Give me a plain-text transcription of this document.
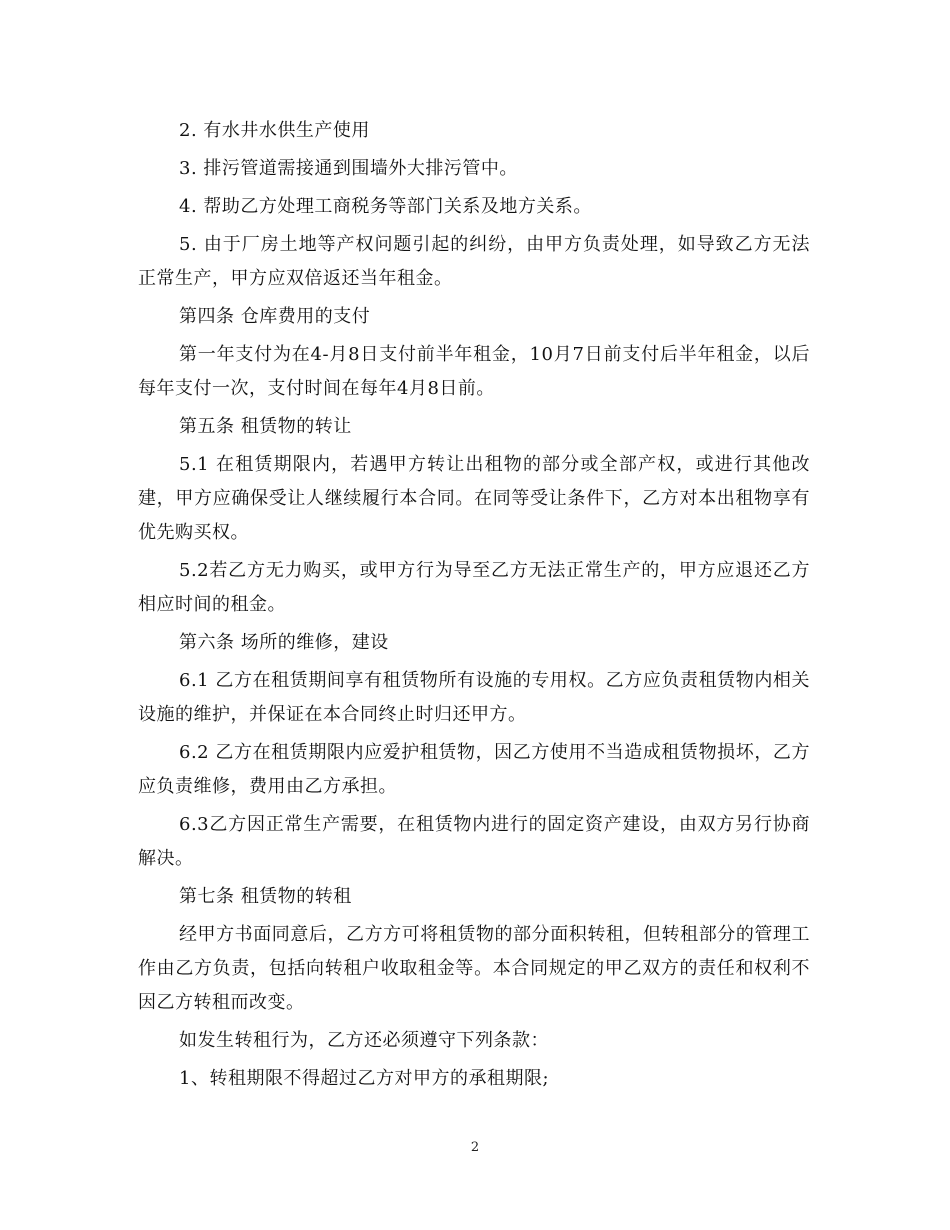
2. 有水井水供生产使用

3. 排污管道需接通到围墙外大排污管中。

4. 帮助乙方处理工商税务等部门关系及地方关系。

5. 由于厂房土地等产权问题引起的纠纷，由甲方负责处理，如导致乙方无法正常生产，甲方应双倍返还当年租金。

第四条 仓库费用的支付

第一年支付为在4-月8日支付前半年租金，10月7日前支付后半年租金，以后每年支付一次，支付时间在每年4月8日前。

第五条 租赁物的转让

5.1 在租赁期限内，若遇甲方转让出租物的部分或全部产权，或进行其他改建，甲方应确保受让人继续履行本合同。在同等受让条件下，乙方对本出租物享有优先购买权。

5.2若乙方无力购买，或甲方行为导至乙方无法正常生产的，甲方应退还乙方相应时间的租金。

第六条 场所的维修，建设

6.1 乙方在租赁期间享有租赁物所有设施的专用权。乙方应负责租赁物内相关设施的维护，并保证在本合同终止时归还甲方。

6.2 乙方在租赁期限内应爱护租赁物，因乙方使用不当造成租赁物损坏，乙方应负责维修，费用由乙方承担。

6.3乙方因正常生产需要，在租赁物内进行的固定资产建设，由双方另行协商解决。

第七条 租赁物的转租

经甲方书面同意后，乙方方可将租赁物的部分面积转租，但转租部分的管理工作由乙方负责，包括向转租户收取租金等。本合同规定的甲乙双方的责任和权利不因乙方转租而改变。

如发生转租行为，乙方还必须遵守下列条款：

1、转租期限不得超过乙方对甲方的承租期限;

2
